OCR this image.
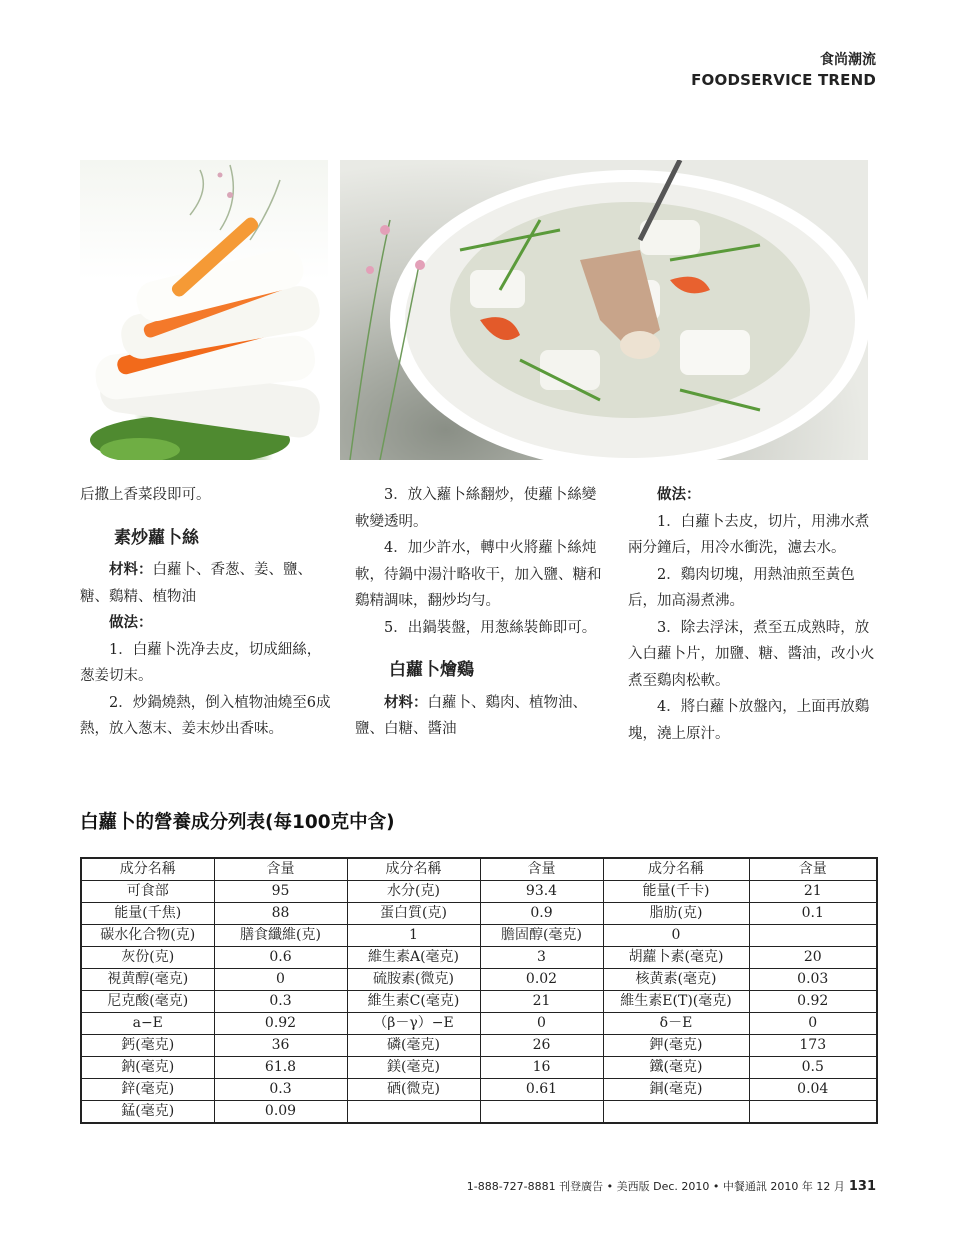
食尚潮流
FOODSERVICE TREND

后撒上香菜段即可。

素炒蘿卜絲

材料：白蘿卜、香葱、姜、鹽、糖、鷄精、植物油

做法：

1．白蘿卜洗净去皮，切成細絲，葱姜切末。

2．炒鍋燒熱，倒入植物油燒至6成熱，放入葱末、姜末炒出香味。

3．放入蘿卜絲翻炒，使蘿卜絲變軟變透明。

4．加少許水，轉中火將蘿卜絲炖軟，待鍋中湯汁略收干，加入鹽、糖和鷄精調味，翻炒均勻。

5．出鍋裝盤，用葱絲裝飾即可。

白蘿卜燴鷄

材料：白蘿卜、鷄肉、植物油、鹽、白糖、醬油

做法：

1．白蘿卜去皮，切片，用沸水煮兩分鐘后，用冷水衝洗，濾去水。

2．鷄肉切塊，用熱油煎至黃色后，加高湯煮沸。

3．除去浮沫，煮至五成熟時，放入白蘿卜片，加鹽、糖、醬油，改小火煮至鷄肉松軟。

4．將白蘿卜放盤內，上面再放鷄塊，澆上原汁。

白蘿卜的營養成分列表(每100克中含)
成分名稱	含量	成分名稱	含量	成分名稱	含量
可食部	95	水分(克)	93.4	能量(千卡)	21
能量(千焦)	88	蛋白質(克)	0.9	脂肪(克)	0.1
碳水化合物(克)	膳食纖維(克)	1	膽固醇(毫克)	0	
灰份(克)	0.6	維生素A(毫克)	3	胡蘿卜素(毫克)	20
視黄醇(毫克)	0	硫胺素(微克)	0.02	核黄素(毫克)	0.03
尼克酸(毫克)	0.3	維生素C(毫克)	21	維生素E(T)(毫克)	0.92
a−E	0.92	（β－γ）−E	0	δ－E	0
鈣(毫克)	36	磷(毫克)	26	鉀(毫克)	173
鈉(毫克)	61.8	鎂(毫克)	16	鐵(毫克)	0.5
鋅(毫克)	0.3	硒(微克)	0.61	銅(毫克)	0.04
錳(毫克)	0.09				
1-888-727-8881 刊登廣告 • 美西版 Dec. 2010 • 中餐通訊 2010 年 12 月 131
